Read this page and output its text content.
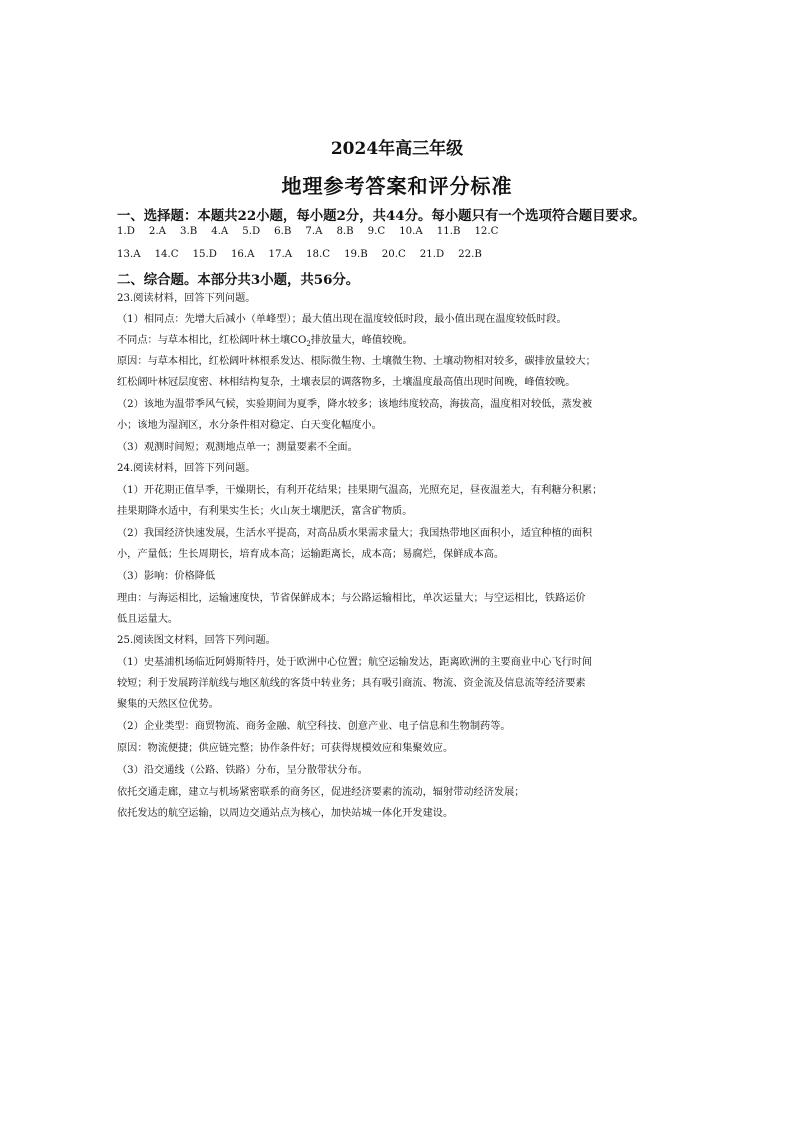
2024年高三年级
地理参考答案和评分标准
一、选择题：本题共22小题，每小题2分，共44分。每小题只有一个选项符合题目要求。
1.D 2.A 3.B 4.A 5.D 6.B 7.A 8.B 9.C 10.A 11.B 12.C
13.A 14.C 15.D 16.A 17.A 18.C 19.B 20.C 21.D 22.B
二、综合题。本部分共3小题，共56分。
23.阅读材料，回答下列问题。
（1）相同点：先增大后减小（单峰型）；最大值出现在温度较低时段，最小值出现在温度较低时段。
不同点：与草本相比，红松阔叶林土壤$CO_2$排放量大，峰值较晚。
原因：与草本相比，红松阔叶林根系发达、根际微生物、土壤微生物、土壤动物相对较多，碳排放量较大；
红松阔叶林冠层度密、林相结构复杂，土壤表层的调落物多，土壤温度最高值出现时间晚，峰值较晚。
（2）该地为温带季风气候，实验期间为夏季，降水较多；该地纬度较高，海拔高，温度相对较低，蒸发被
小；该地为湿润区，水分条件相对稳定、白天变化幅度小。
（3）观测时间短；观测地点单一；测量要素不全面。
24.阅读材料，回答下列问题。
（1）开花期正值旱季，干燥期长，有利开花结果；挂果期气温高，光照充足，昼夜温差大，有利糖分积累；
挂果期降水适中，有利果实生长；火山灰土壤肥沃，富含矿物质。
（2）我国经济快速发展，生活水平提高，对高品质水果需求量大；我国热带地区面积小，适宜种植的面积
小，产量低；生长周期长，培育成本高；运输距离长，成本高；易腐烂，保鲜成本高。
（3）影响：价格降低
理由：与海运相比，运输速度快，节省保鲜成本；与公路运输相比，单次运量大；与空运相比，铁路运价
低且运量大。
25.阅读图文材料，回答下列问题。
（1）史基浦机场临近阿姆斯特丹，处于欧洲中心位置；航空运输发达，距离欧洲的主要商业中心飞行时间
较短；利于发展跨洋航线与地区航线的客货中转业务；具有吸引商流、物流、资金流及信息流等经济要素
聚集的天然区位优势。
（2）企业类型：商贸物流、商务金融、航空科技、创意产业、电子信息和生物制药等。
原因：物流便捷；供应链完整；协作条件好；可获得规模效应和集聚效应。
（3）沿交通线（公路、铁路）分布，呈分散带状分布。
依托交通走廊，建立与机场紧密联系的商务区，促进经济要素的流动，辐射带动经济发展；
依托发达的航空运输，以周边交通站点为核心，加快站城一体化开发建设。
